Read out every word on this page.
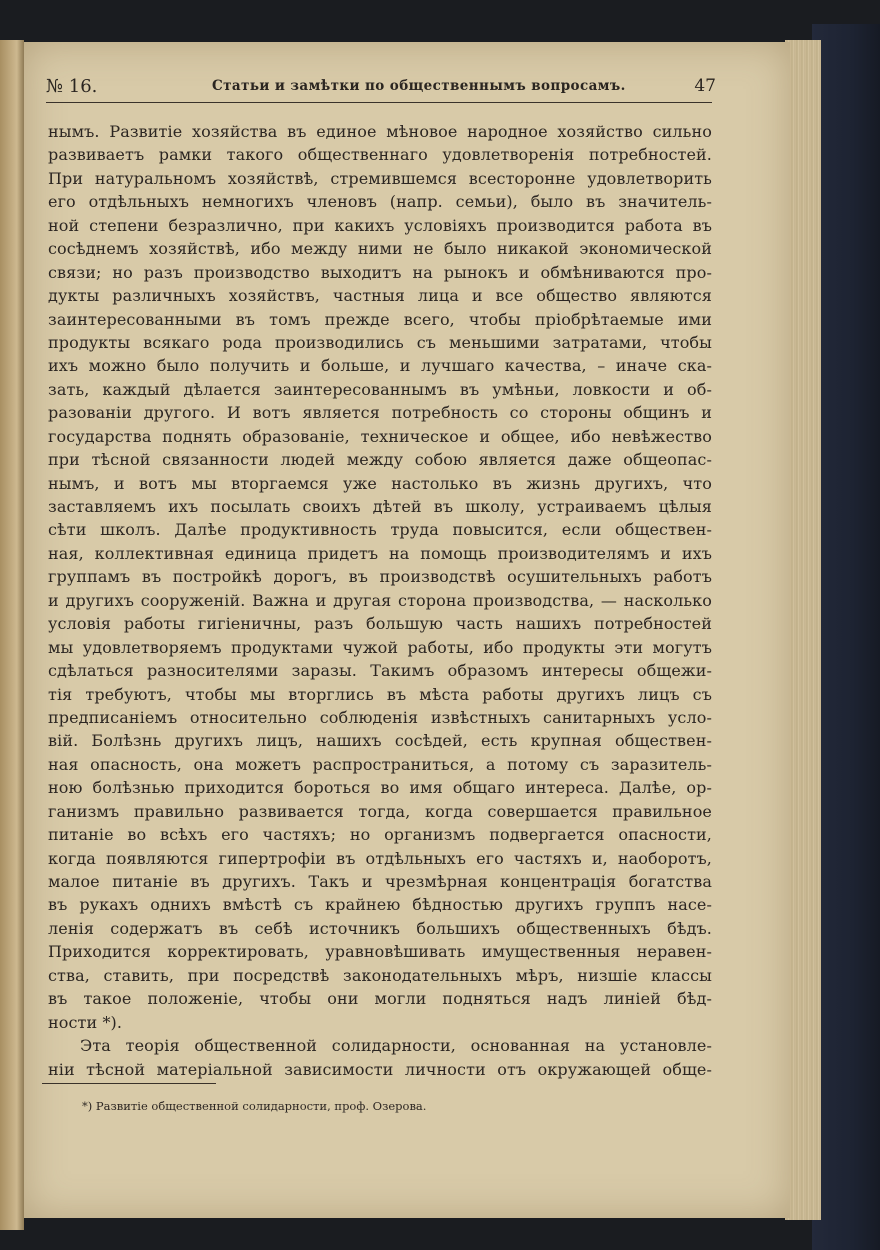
№ 16.	Статьи и замѣтки по общественнымъ вопросамъ.	47
нымъ. Развитіе хозяйства въ единое мѣновое народное хозяйство сильно
развиваетъ рамки такого общественнаго удовлетворенія потребностей.
При натуральномъ хозяйствѣ, стремившемся всесторонне удовлетворить
его отдѣльныхъ немногихъ членовъ (напр. семьи), было въ значитель-
ной степени безразлично, при какихъ условіяхъ производится работа въ
сосѣднемъ хозяйствѣ, ибо между ними не было никакой экономической
связи; но разъ производство выходитъ на рынокъ и обмѣниваются про-
дукты различныхъ хозяйствъ, частныя лица и все общество являются
заинтересованными въ томъ прежде всего, чтобы пріобрѣтаемые ими
продукты всякаго рода производились съ меньшими затратами, чтобы
ихъ можно было получить и больше, и лучшаго качества, – иначе ска-
зать, каждый дѣлается заинтересованнымъ въ умѣньи, ловкости и об-
разованіи другого. И вотъ является потребность со стороны общинъ и
государства поднять образованіе, техническое и общее, ибо невѣжество
при тѣсной связанности людей между собою является даже общеопас-
нымъ, и вотъ мы вторгаемся уже настолько въ жизнь другихъ, что
заставляемъ ихъ посылать своихъ дѣтей въ школу, устраиваемъ цѣлыя
сѣти школъ. Далѣе продуктивность труда повысится, если обществен-
ная, коллективная единица придетъ на помощь производителямъ и ихъ
группамъ въ постройкѣ дорогъ, въ производствѣ осушительныхъ работъ
и другихъ сооруженій. Важна и другая сторона производства, — насколько
условія работы гигіеничны, разъ большую часть нашихъ потребностей
мы удовлетворяемъ продуктами чужой работы, ибо продукты эти могутъ
сдѣлаться разносителями заразы. Такимъ образомъ интересы общежи-
тія требуютъ, чтобы мы вторглись въ мѣста работы другихъ лицъ съ
предписаніемъ относительно соблюденія извѣстныхъ санитарныхъ усло-
вій. Болѣзнь другихъ лицъ, нашихъ сосѣдей, есть крупная обществен-
ная опасность, она можетъ распространиться, а потому съ заразитель-
ною болѣзнью приходится бороться во имя общаго интереса. Далѣе, ор-
ганизмъ правильно развивается тогда, когда совершается правильное
питаніе во всѣхъ его частяхъ; но организмъ подвергается опасности,
когда появляются гипертрофіи въ отдѣльныхъ его частяхъ и, наоборотъ,
малое питаніе въ другихъ. Такъ и чрезмѣрная концентрація богатства
въ рукахъ однихъ вмѣстѣ съ крайнею бѣдностью другихъ группъ насе-
ленія содержатъ въ себѣ источникъ большихъ общественныхъ бѣдъ.
Приходится корректировать, уравновѣшивать имущественныя неравен-
ства, ставить, при посредствѣ законодательныхъ мѣръ, низшіе классы
въ такое положеніе, чтобы они могли подняться надъ линіей бѣд-
ности *).
Эта теорія общественной солидарности, основанная на установле-
ніи тѣсной матеріальной зависимости личности отъ окружающей обще-
*) Развитіе общественной солидарности, проф. Озерова.
